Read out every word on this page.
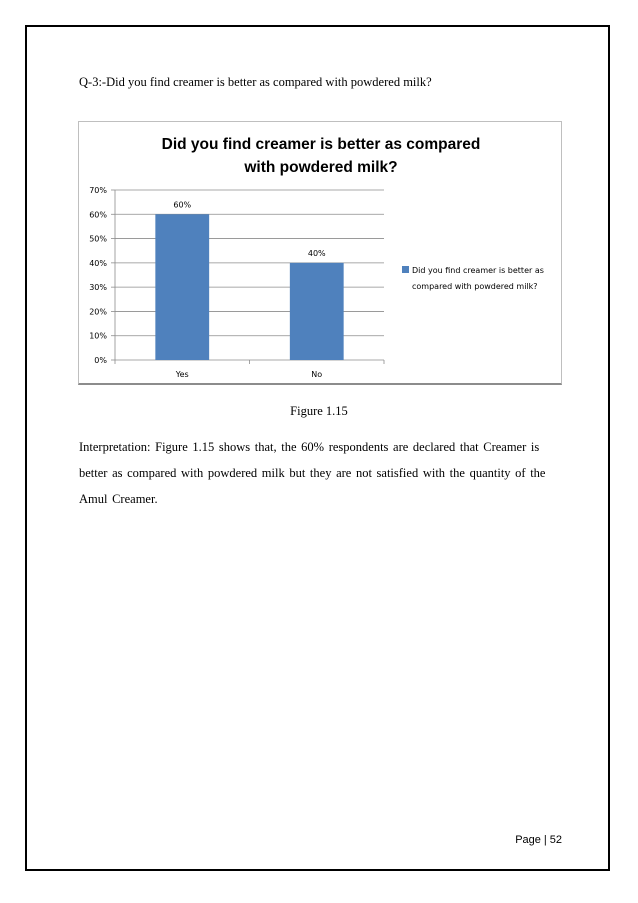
Q-3:-Did you find creamer is better as compared with powdered milk?
Did you find creamer is better as compared
with powdered milk?
0%
10%
20%
30%
40%
50%
60%
70%
60%
Yes
40%
No
Did you find creamer is better as
compared with powdered milk?
Figure 1.15
Interpretation: Figure 1.15 shows that, the 60% respondents are declared that Creamer is
better as compared with powdered milk but they are not satisfied with the quantity of the
Amul Creamer.
Page | 52
